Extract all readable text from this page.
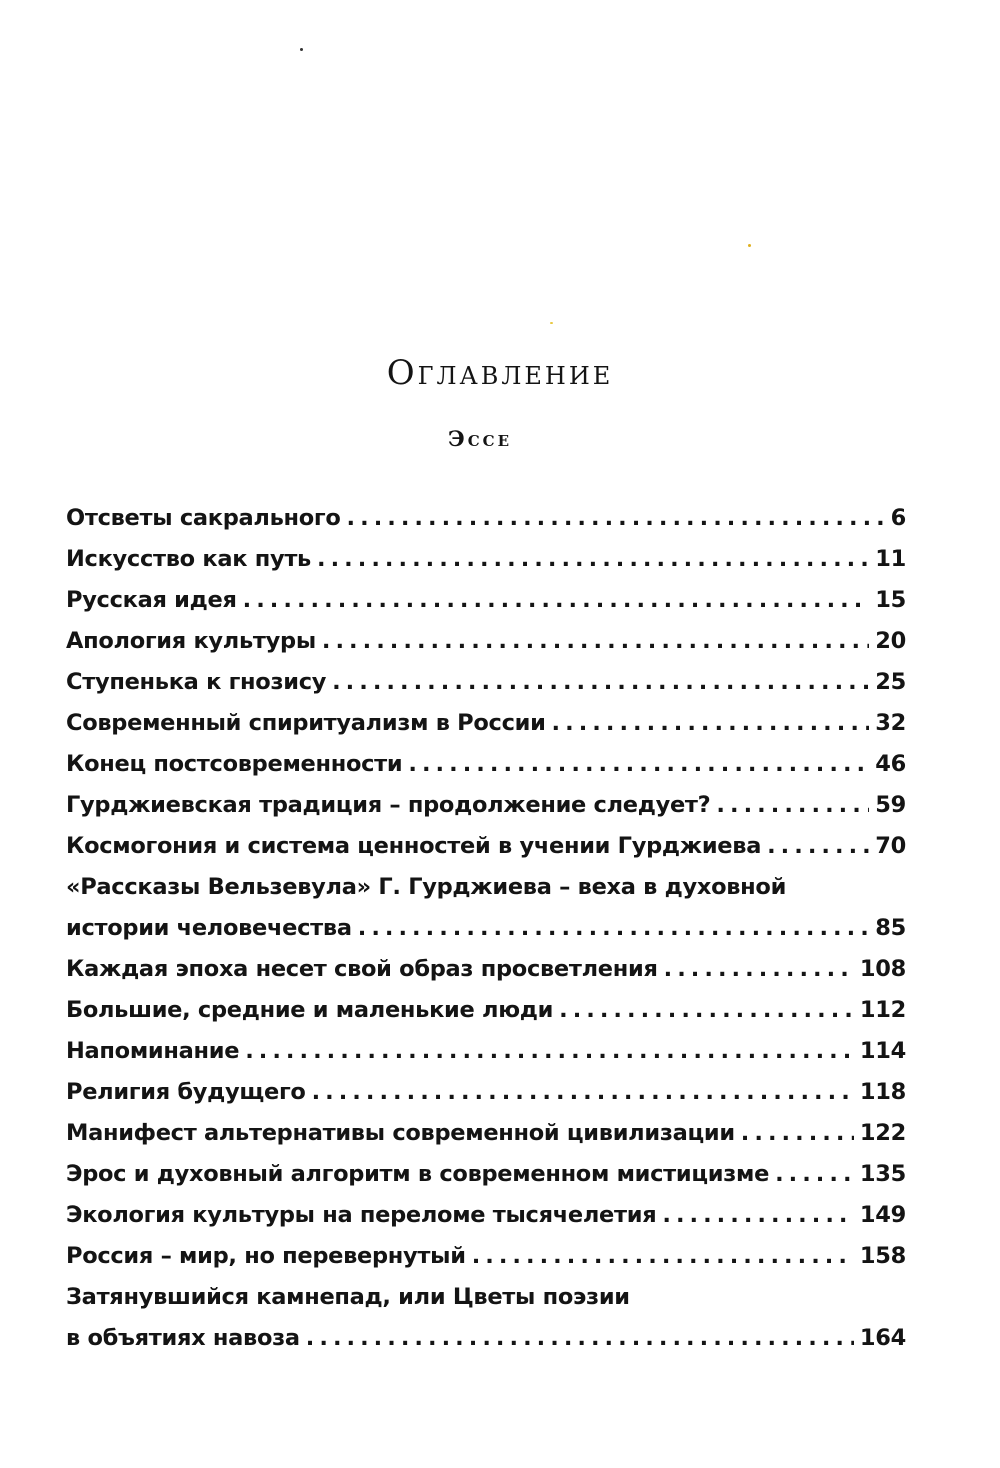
Оглавление
Эссе
Отсветы сакрального . . .	6
Искусство как путь . . .	11
Русская идея . . .	15
Апология культуры . . .	20
Ступенька к гнозису . . .	25
Современный спиритуализм в России . . .	32
Конец постсовременности . . .	46
Гурджиевская традиция – продолжение следует? . . .	59
Космогония и система ценностей в учении Гурджиева . . .	70
«Рассказы Вельзевула» Г. Гурджиева – веха в духовной
истории человечества . . .	85
Каждая эпоха несет свой образ просветления . . .	108
Большие, средние и маленькие люди . . .	112
Напоминание . . .	114
Религия будущего . . .	118
Манифест альтернативы современной цивилизации . . .	122
Эрос и духовный алгоритм в современном мистицизме . . .	135
Экология культуры на переломе тысячелетия . . .	149
Россия – мир, но перевернутый . . .	158
Затянувшийся камнепад, или Цветы поэзии
в объятиях навоза . . .	164
